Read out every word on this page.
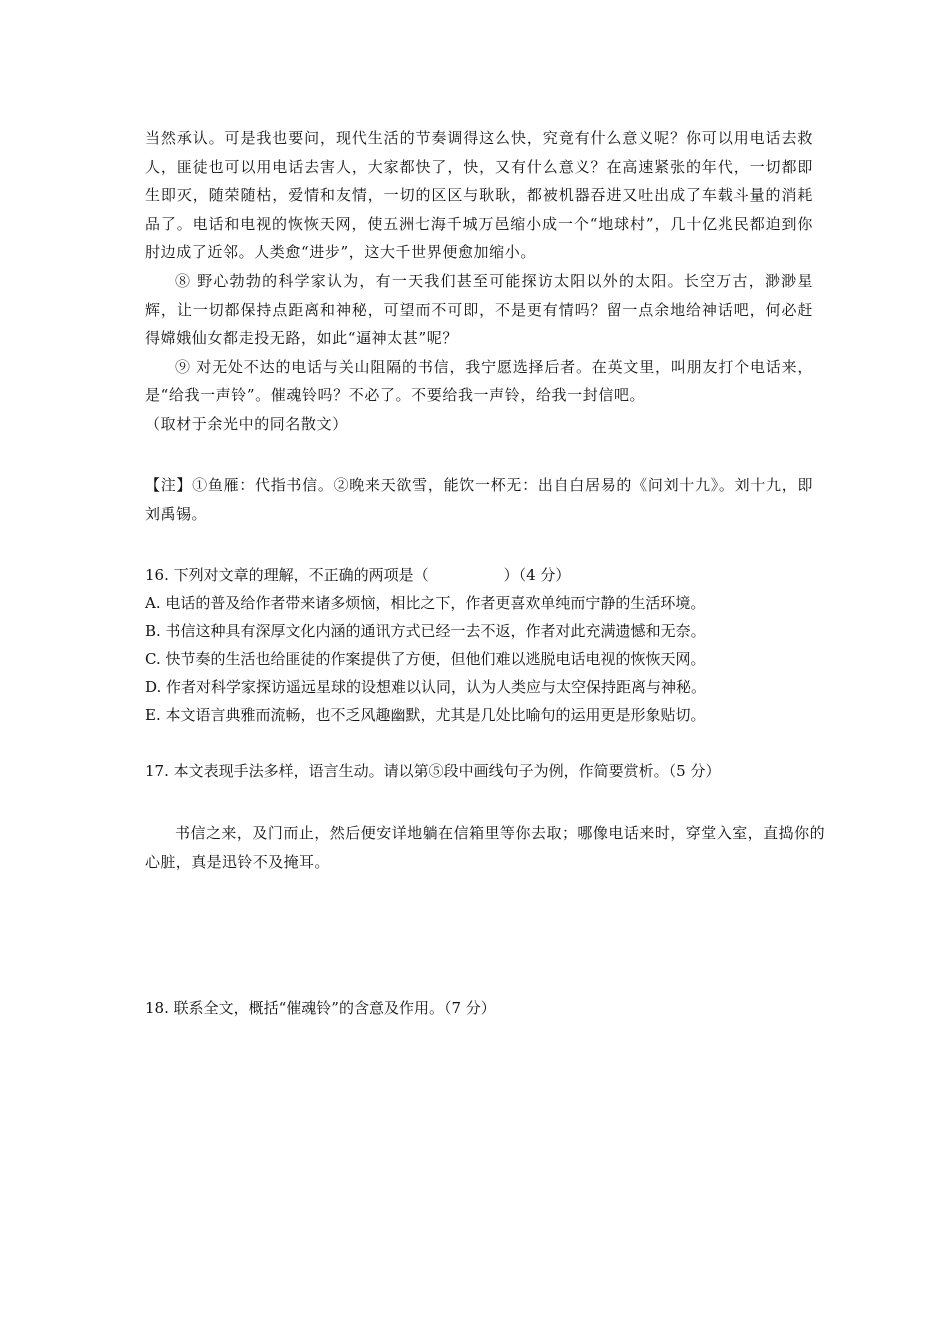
当然承认。可是我也要问，现代生活的节奏调得这么快，究竟有什么意义呢？你可以用电话去救人，匪徒也可以用电话去害人，大家都快了，快，又有什么意义？在高速紧张的年代，一切都即生即灭，随荣随枯，爱情和友情，一切的区区与耿耿，都被机器吞进又吐出成了车载斗量的消耗品了。电话和电视的恢恢天网，使五洲七海千城万邑缩小成一个“地球村”，几十亿兆民都迫到你肘边成了近邻。人类愈“进步”，这大千世界便愈加缩小。

⑧ 野心勃勃的科学家认为，有一天我们甚至可能探访太阳以外的太阳。长空万古，渺渺星辉，让一切都保持点距离和神秘，可望而不可即，不是更有情吗？留一点余地给神话吧，何必赶得嫦娥仙女都走投无路，如此“逼神太甚”呢？

⑨ 对无处不达的电话与关山阻隔的书信，我宁愿选择后者。在英文里，叫朋友打个电话来，是“给我一声铃”。催魂铃吗？不必了。不要给我一声铃，给我一封信吧。

（取材于余光中的同名散文）

【注】①鱼雁：代指书信。②晚来天欲雪，能饮一杯无：出自白居易的《问刘十九》。刘十九，即刘禹锡。

16. 下列对文章的理解，不正确的两项是（　　　　　）（4 分）

A. 电话的普及给作者带来诸多烦恼，相比之下，作者更喜欢单纯而宁静的生活环境。

B. 书信这种具有深厚文化内涵的通讯方式已经一去不返，作者对此充满遗憾和无奈。

C. 快节奏的生活也给匪徒的作案提供了方便，但他们难以逃脱电话电视的恢恢天网。

D. 作者对科学家探访遥远星球的设想难以认同，认为人类应与太空保持距离与神秘。

E. 本文语言典雅而流畅，也不乏风趣幽默，尤其是几处比喻句的运用更是形象贴切。

17. 本文表现手法多样，语言生动。请以第⑤段中画线句子为例，作简要赏析。（5 分）

书信之来，及门而止，然后便安详地躺在信箱里等你去取；哪像电话来时，穿堂入室，直捣你的心脏，真是迅铃不及掩耳。

18. 联系全文，概括“催魂铃”的含意及作用。（7 分）
